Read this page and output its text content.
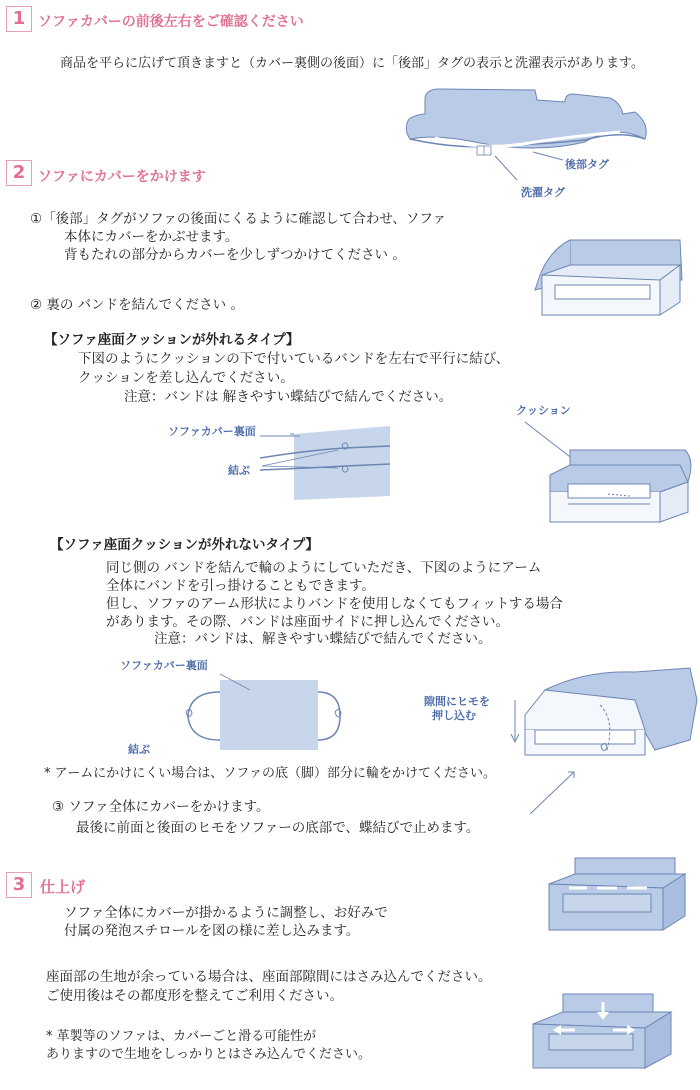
1 ソファカバーの前後左右をご確認ください
商品を平らに広げて頂きますと（カバー裏側の後面）に「後部」タグの表示と洗濯表示があります。
後部タグ
洗濯タグ
2 ソファにカバーをかけます
①「後部」タグがソファの後面にくるように確認して合わせ、ソファ
本体にカバーをかぶせます。
背もたれの部分からカバーを少しずつかけてください 。
② 裏の バンドを結んでください 。
【ソファ座面クッションが外れるタイプ】
下図のようにクッションの下で付いているバンドを左右で平行に結び、
クッションを差し込んでください。
注意：バンドは 解きやすい蝶結びで結んでください。
ソファカバー裏面
結ぶ
クッション
【ソファ座面クッションが外れないタイプ】
同じ側の バンドを結んで輪のようにしていただき、下図のようにアーム
全体にバンドを引っ掛けることもできます。
但し、ソファのアーム形状によりバンドを使用しなくてもフィットする場合
があります。その際、バンドは座面サイドに押し込んでください。
注意：バンドは、解きやすい蝶結びで結んでください。
ソファカバー裏面
結ぶ
隙間にヒモを
押し込む
* アームにかけにくい場合は、ソファの底（脚）部分に輪をかけてください。
③ ソファ全体にカバーをかけます。
最後に前面と後面のヒモをソファーの底部で、蝶結びで止めます。
3 仕上げ
ソファ全体にカバーが掛かるように調整し、お好みで
付属の発泡スチロールを図の様に差し込みます。
座面部の生地が余っている場合は、座面部隙間にはさみ込んでください。
ご使用後はその都度形を整えてご利用ください。
* 革製等のソファは、カバーごと滑る可能性が
ありますので生地をしっかりとはさみ込んでください。
